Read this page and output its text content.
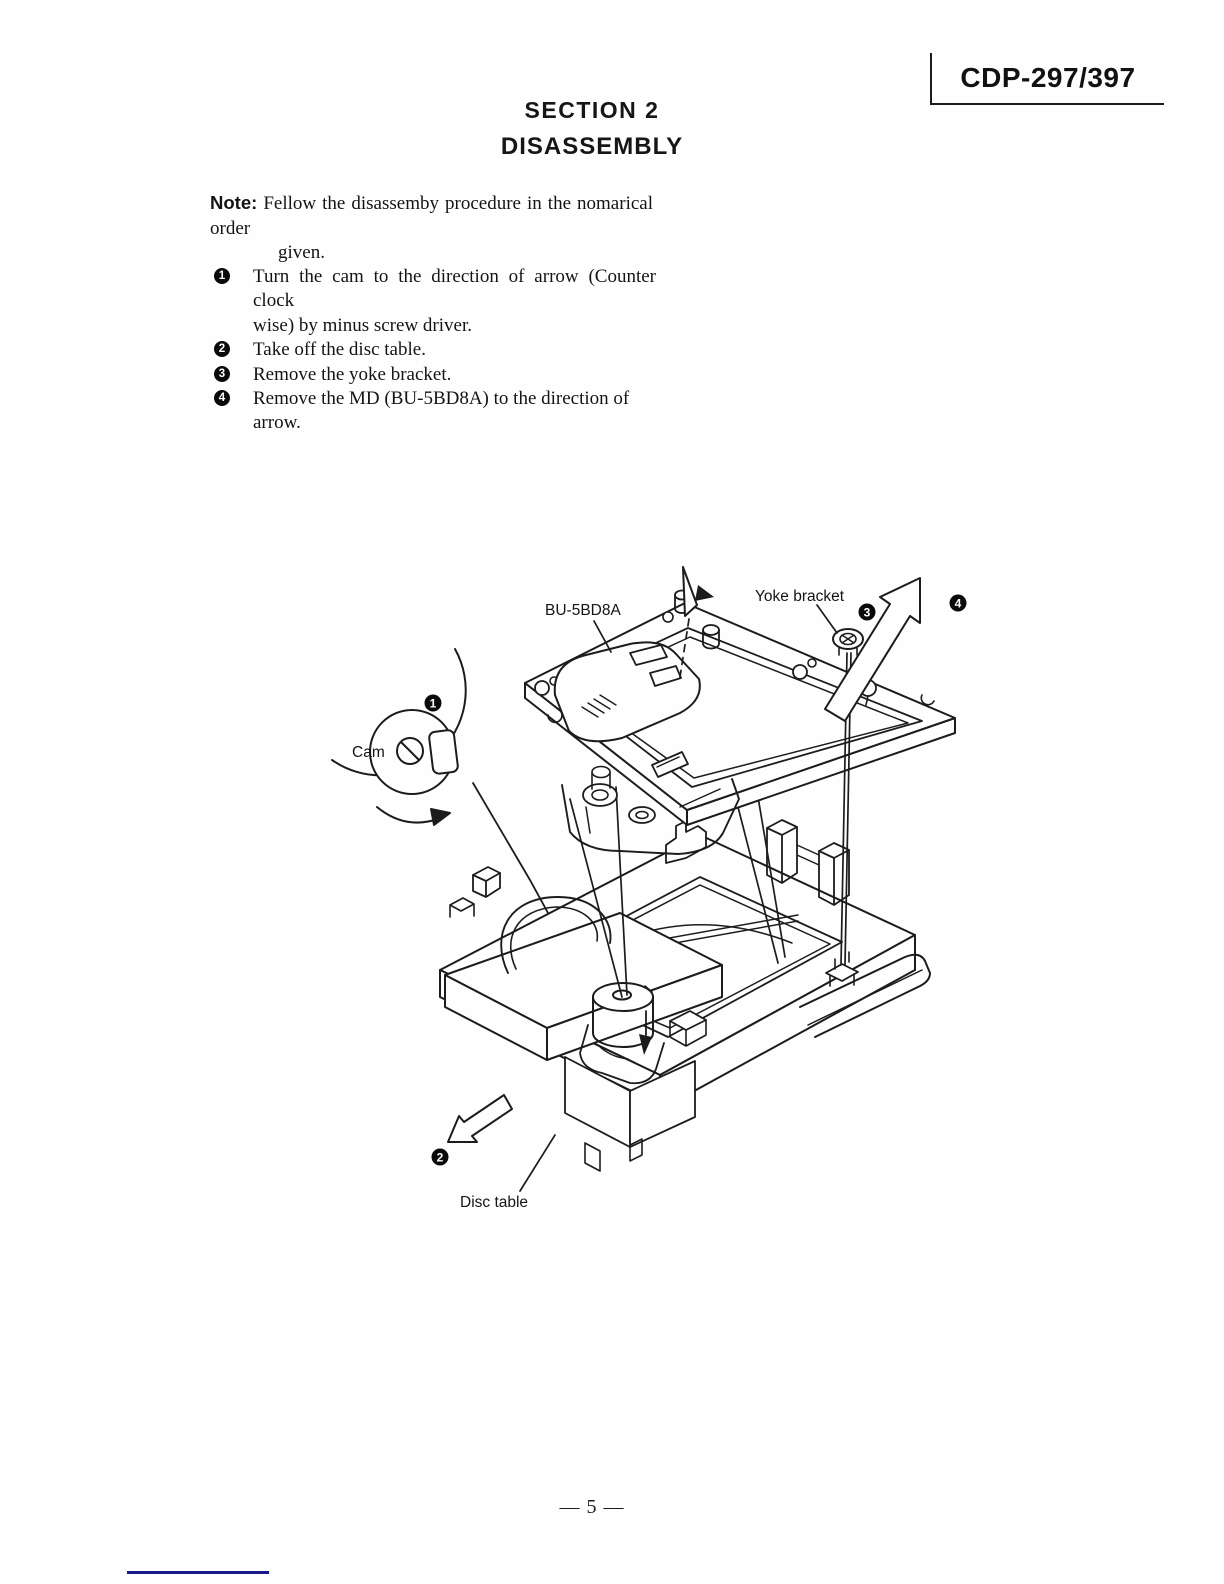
CDP-297/397
SECTION 2
DISASSEMBLY
Note: Fellow the disassemby procedure in the nomarical order
given.
1 Turn the cam to the direction of arrow (Counter clock
wise) by minus screw driver.
2 Take off the disc table.
3 Remove the yoke bracket.
4 Remove the MD (BU-5BD8A) to the direction of arrow.
BU-5BD8A
Yoke bracket
Cam
Disc table
1
2
3
4
— 5 —
